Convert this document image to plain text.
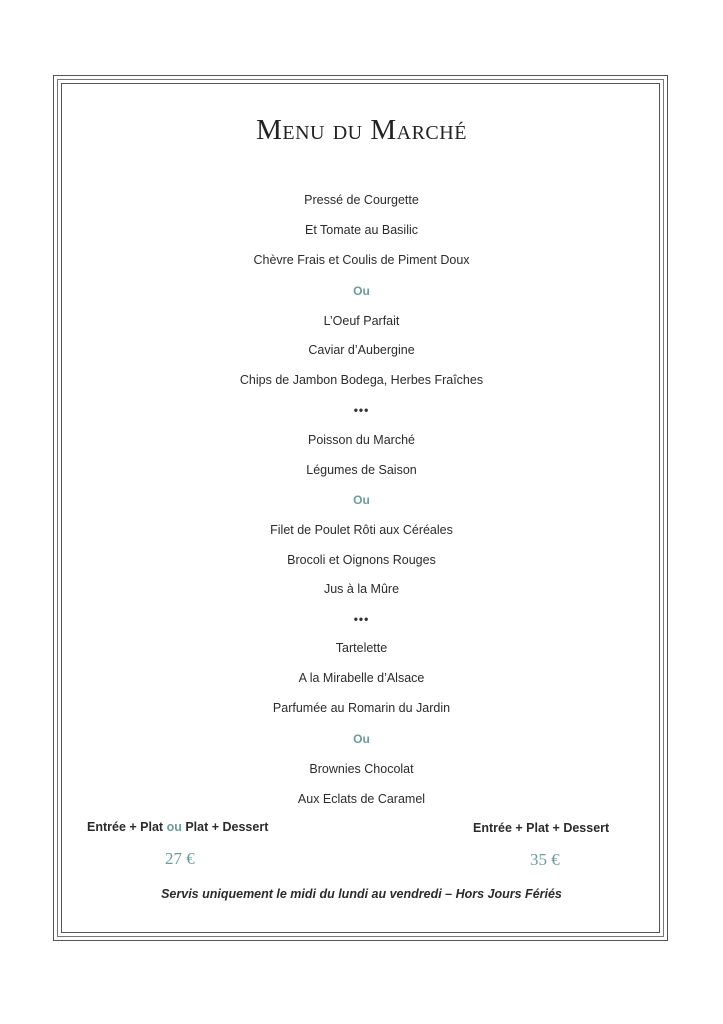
Menu du Marché
Pressé de Courgette
Et Tomate au Basilic
Chèvre Frais et Coulis de Piment Doux
Ou
L’Oeuf Parfait
Caviar d’Aubergine
Chips de Jambon Bodega, Herbes Fraîches
•••
Poisson du Marché
Légumes de Saison
Ou
Filet de Poulet Rôti aux Céréales
Brocoli et Oignons Rouges
Jus à la Mûre
•••
Tartelette
A la Mirabelle d’Alsace
Parfumée au Romarin du Jardin
Ou
Brownies Chocolat
Aux Eclats de Caramel
Entrée + Plat ou Plat + Dessert
27 €
Entrée + Plat + Dessert
35 €
Servis uniquement le midi du lundi au vendredi – Hors Jours Fériés
